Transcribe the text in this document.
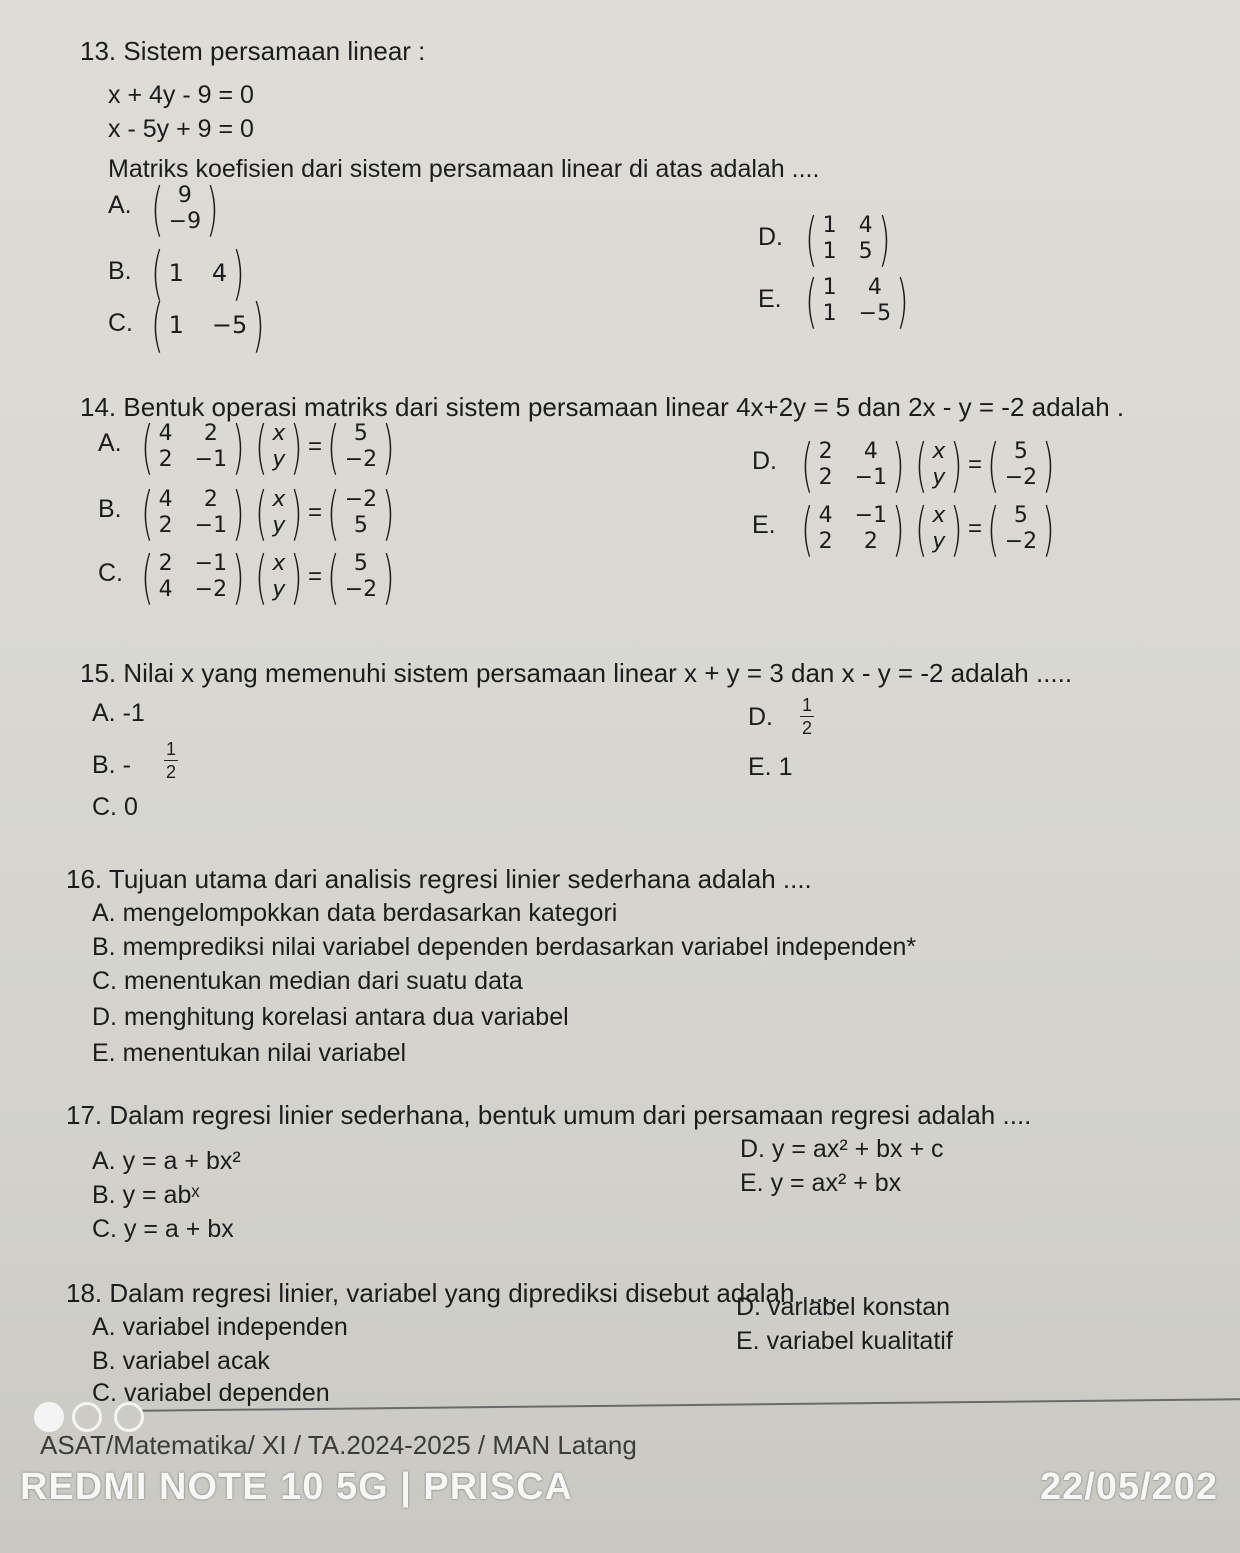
13. Sistem persamaan linear :
x + 4y - 9 = 0
x - 5y + 9 = 0
Matriks koefisien dari sistem persamaan linear di atas adalah ....
A. ( 9
−9 )
B. ( 1 4 )
C. ( 1 −5 )
D. ( 1 4
1 5 )
E. ( 1	4
1 −5 )
14. Bentuk operasi matriks dari sistem persamaan linear 4x+2y = 5 dan 2x - y = -2 adalah .
A. ( 4	2
2 −1 ) ( x
y ) = ( 5
−2 )
B. ( 4	2
2 −1 ) ( x
y ) = ( −2
5 )
C. ( 2 −1
4 −2 ) ( x
y ) = ( 5
−2 )
D. ( 2	4
2 −1 ) ( x
y ) = ( 5
−2 )
E. ( 4 −1
2	2 ) ( x
y ) = ( 5
−2 )
15. Nilai x yang memenuhi sistem persamaan linear x + y = 3 dan x - y = -2 adalah .....
A. -1
B. - $\frac{1}{2}$
C. 0
D. $\frac{1}{2}$
E. 1
16. Tujuan utama dari analisis regresi linier sederhana adalah ....
A. mengelompokkan data berdasarkan kategori
B. memprediksi nilai variabel dependen berdasarkan variabel independen*
C. menentukan median dari suatu data
D. menghitung korelasi antara dua variabel
E. menentukan nilai variabel
17. Dalam regresi linier sederhana, bentuk umum dari persamaan regresi adalah ....
A. y = a + bx²
B. y = abˣ
C. y = a + bx
D. y = ax² + bx + c
E. y = ax² + bx
18. Dalam regresi linier, variabel yang diprediksi disebut adalah .....
A. variabel independen
B. variabel acak
C. variabel dependen
D. variabel konstan
E. variabel kualitatif
ASAT/Matematika/ XI / TA.2024-2025 / MAN Latang
REDMI NOTE 10 5G | PRISCA	22/05/202
